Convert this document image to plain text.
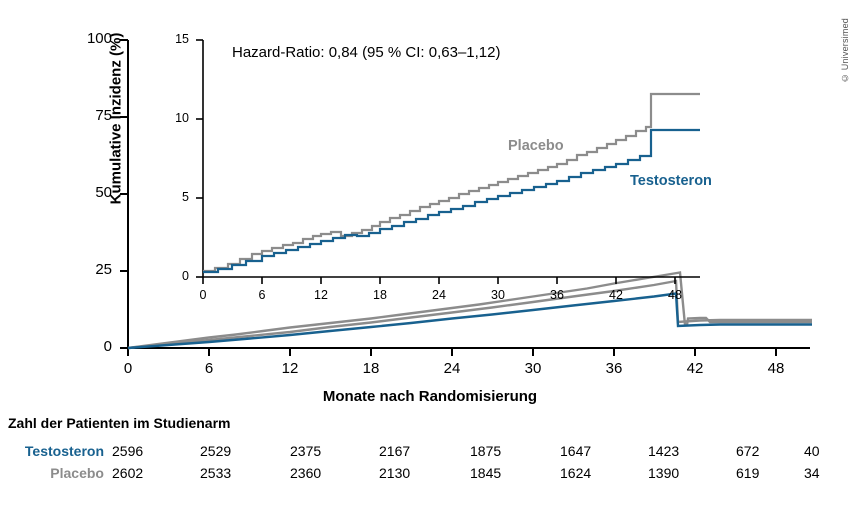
© Universimed
0
25
50
75
100
0	6	12	18	24	30	36	42	48
Kumulative Inzidenz (%)
Monate nach Randomisierung
0
5
10
15
0	6	12	18	24	30	36	42	48
Hazard-Ratio: 0,84 (95 % CI: 0,63–1,12)
Placebo
Testosteron
Zahl der Patienten im Studienarm
Testosteron	2596	2529	2375	2167	1875	1647	1423	672	40
Placebo	2602	2533	2360	2130	1845	1624	1390	619	34
